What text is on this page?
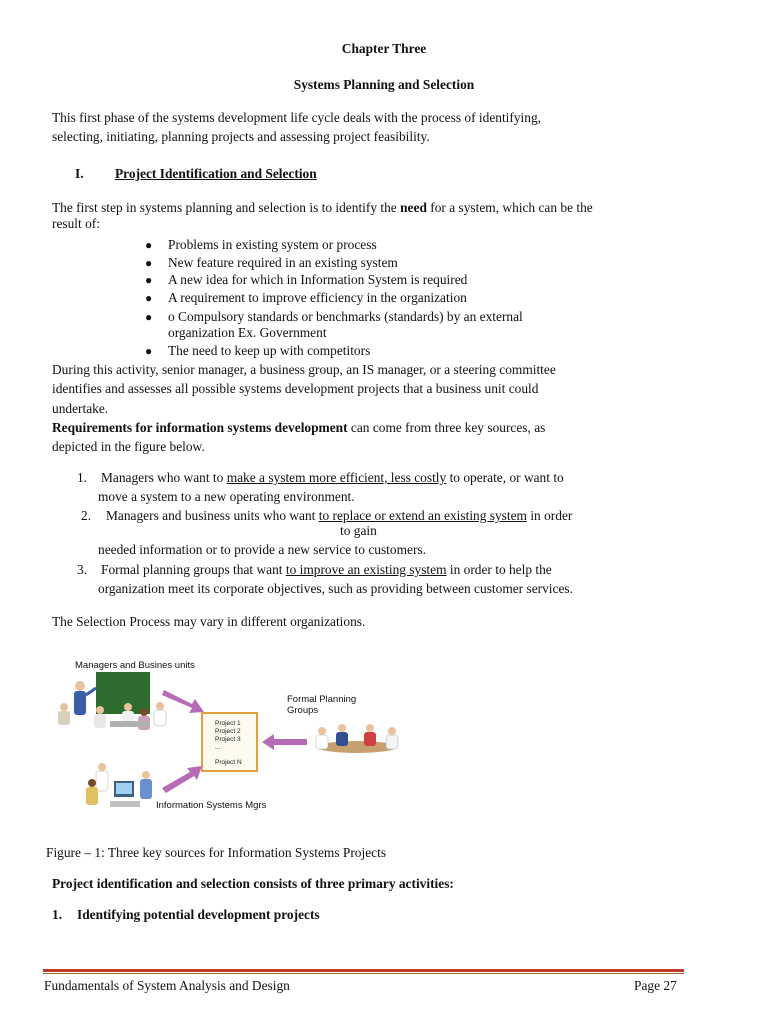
Chapter Three
Systems Planning and Selection
This first phase of the systems development life cycle deals with the process of identifying,
selecting, initiating, planning projects and assessing project feasibility.
I. Project Identification and Selection
The first step in systems planning and selection is to identify the need for a system, which can be the
result of:
● Problems in existing system or process
● New feature required in an existing system
● A new idea for which in Information System is required
● A requirement to improve efficiency in the organization
● o Compulsory standards or benchmarks (standards) by an external
organization Ex. Government
● The need to keep up with competitors
During this activity, senior manager, a business group, an IS manager, or a steering committee
identifies and assesses all possible systems development projects that a business unit could
undertake.
Requirements for information systems development can come from three key sources, as
depicted in the figure below.
1. Managers who want to make a system more efficient, less costly to operate, or want to
move a system to a new operating environment.
2. Managers and business units who want to replace or extend an existing system in order
to gain
needed information or to provide a new service to customers.
3. Formal planning groups that want to improve an existing system in order to help the
organization meet its corporate objectives, such as providing between customer services.
The Selection Process may vary in different organizations.
Managers and Busines units
Project 1
Project 2
Project 3
...
Project N
Formal Planning
Groups
Information Systems Mgrs
Figure – 1: Three key sources for Information Systems Projects
Project identification and selection consists of three primary activities:
1. Identifying potential development projects
Fundamentals of System Analysis and Design	Page 27
